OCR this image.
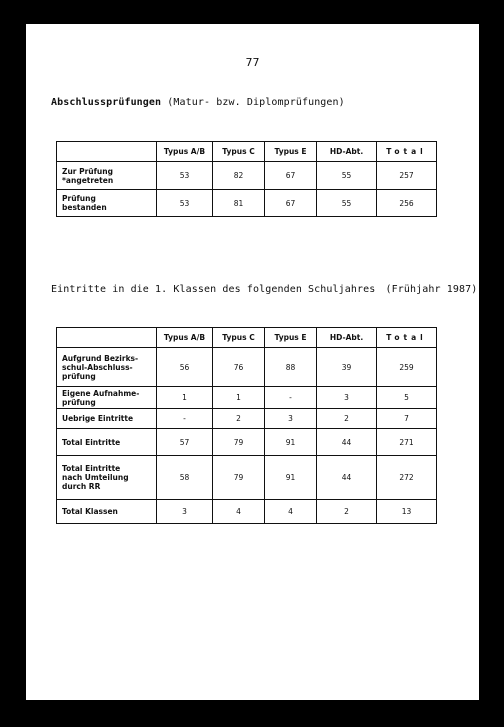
77
Abschlussprüfungen (Matur- bzw. Diplomprüfungen)
	Typus A/B	Typus C	Typus E	HD-Abt.	Total
Zur Prüfung
*angetreten	53	82	67	55	257
Prüfung
bestanden	53	81	67	55	256
Eintritte in die 1. Klassen des folgenden Schuljahres (Frühjahr 1987)
	Typus A/B	Typus C	Typus E	HD-Abt.	Total
Aufgrund Bezirks-
schul-Abschluss-
prüfung	56	76	88	39	259
Eigene Aufnahme-
prüfung	1	1	-	3	5
Uebrige Eintritte	-	2	3	2	7
Total Eintritte	57	79	91	44	271
Total Eintritte
nach Umteilung
durch RR	58	79	91	44	272
Total Klassen	3	4	4	2	13
